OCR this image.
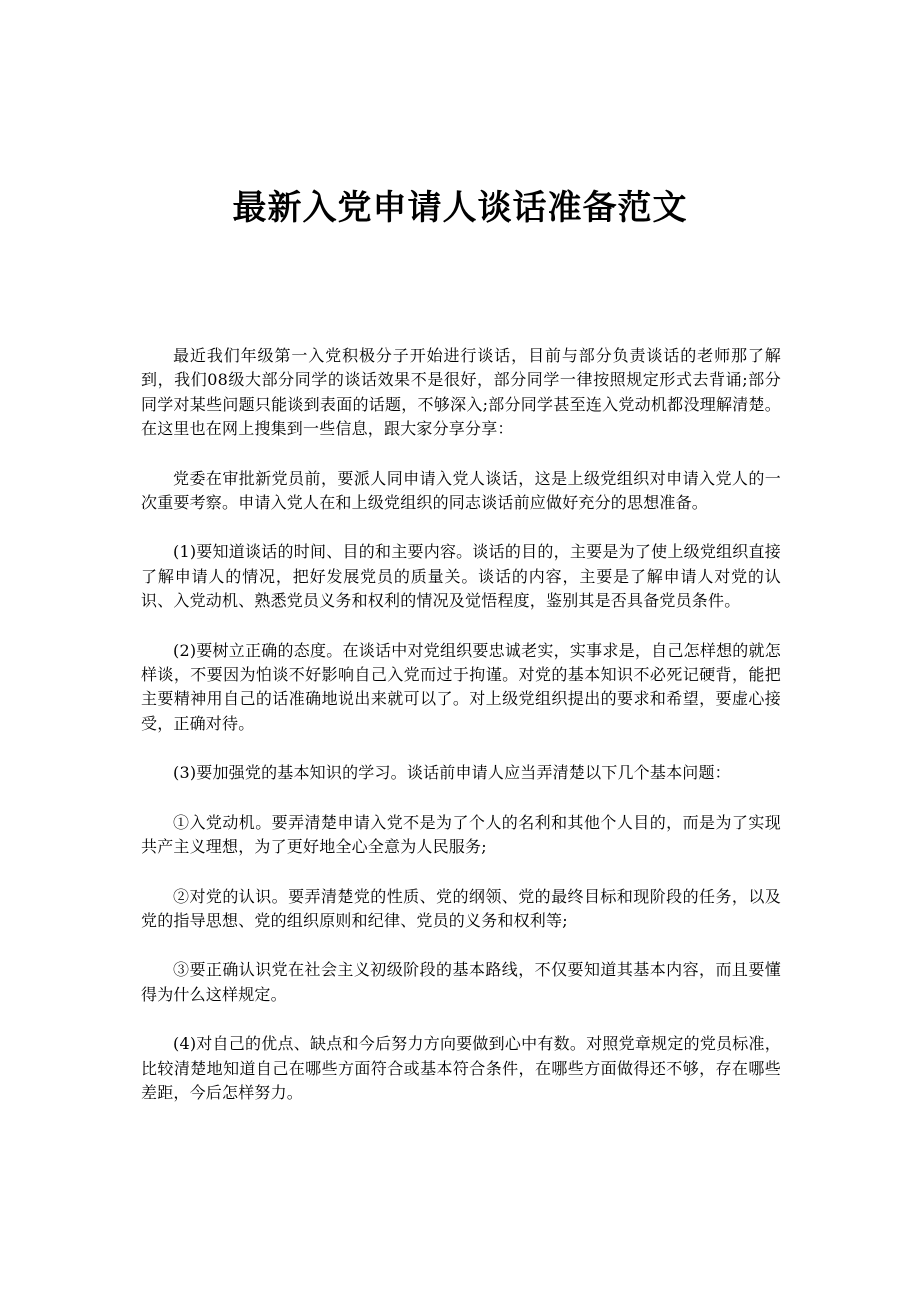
最新入党申请人谈话准备范文

最近我们年级第一入党积极分子开始进行谈话，目前与部分负责谈话的老师那了解到，我们08级大部分同学的谈话效果不是很好，部分同学一律按照规定形式去背诵;部分同学对某些问题只能谈到表面的话题，不够深入;部分同学甚至连入党动机都没理解清楚。在这里也在网上搜集到一些信息，跟大家分享分享：

党委在审批新党员前，要派人同申请入党人谈话，这是上级党组织对申请入党人的一次重要考察。申请入党人在和上级党组织的同志谈话前应做好充分的思想准备。

(1)要知道谈话的时间、目的和主要内容。谈话的目的，主要是为了使上级党组织直接了解申请人的情况，把好发展党员的质量关。谈话的内容，主要是了解申请人对党的认识、入党动机、熟悉党员义务和权利的情况及觉悟程度，鉴别其是否具备党员条件。

(2)要树立正确的态度。在谈话中对党组织要忠诚老实，实事求是，自己怎样想的就怎样谈，不要因为怕谈不好影响自己入党而过于拘谨。对党的基本知识不必死记硬背，能把主要精神用自己的话准确地说出来就可以了。对上级党组织提出的要求和希望，要虚心接受，正确对待。

(3)要加强党的基本知识的学习。谈话前申请人应当弄清楚以下几个基本问题：

①入党动机。要弄清楚申请入党不是为了个人的名利和其他个人目的，而是为了实现共产主义理想，为了更好地全心全意为人民服务;

②对党的认识。要弄清楚党的性质、党的纲领、党的最终目标和现阶段的任务，以及党的指导思想、党的组织原则和纪律、党员的义务和权利等;

③要正确认识党在社会主义初级阶段的基本路线，不仅要知道其基本内容，而且要懂得为什么这样规定。

(4)对自己的优点、缺点和今后努力方向要做到心中有数。对照党章规定的党员标准，比较清楚地知道自己在哪些方面符合或基本符合条件，在哪些方面做得还不够，存在哪些差距，今后怎样努力。
